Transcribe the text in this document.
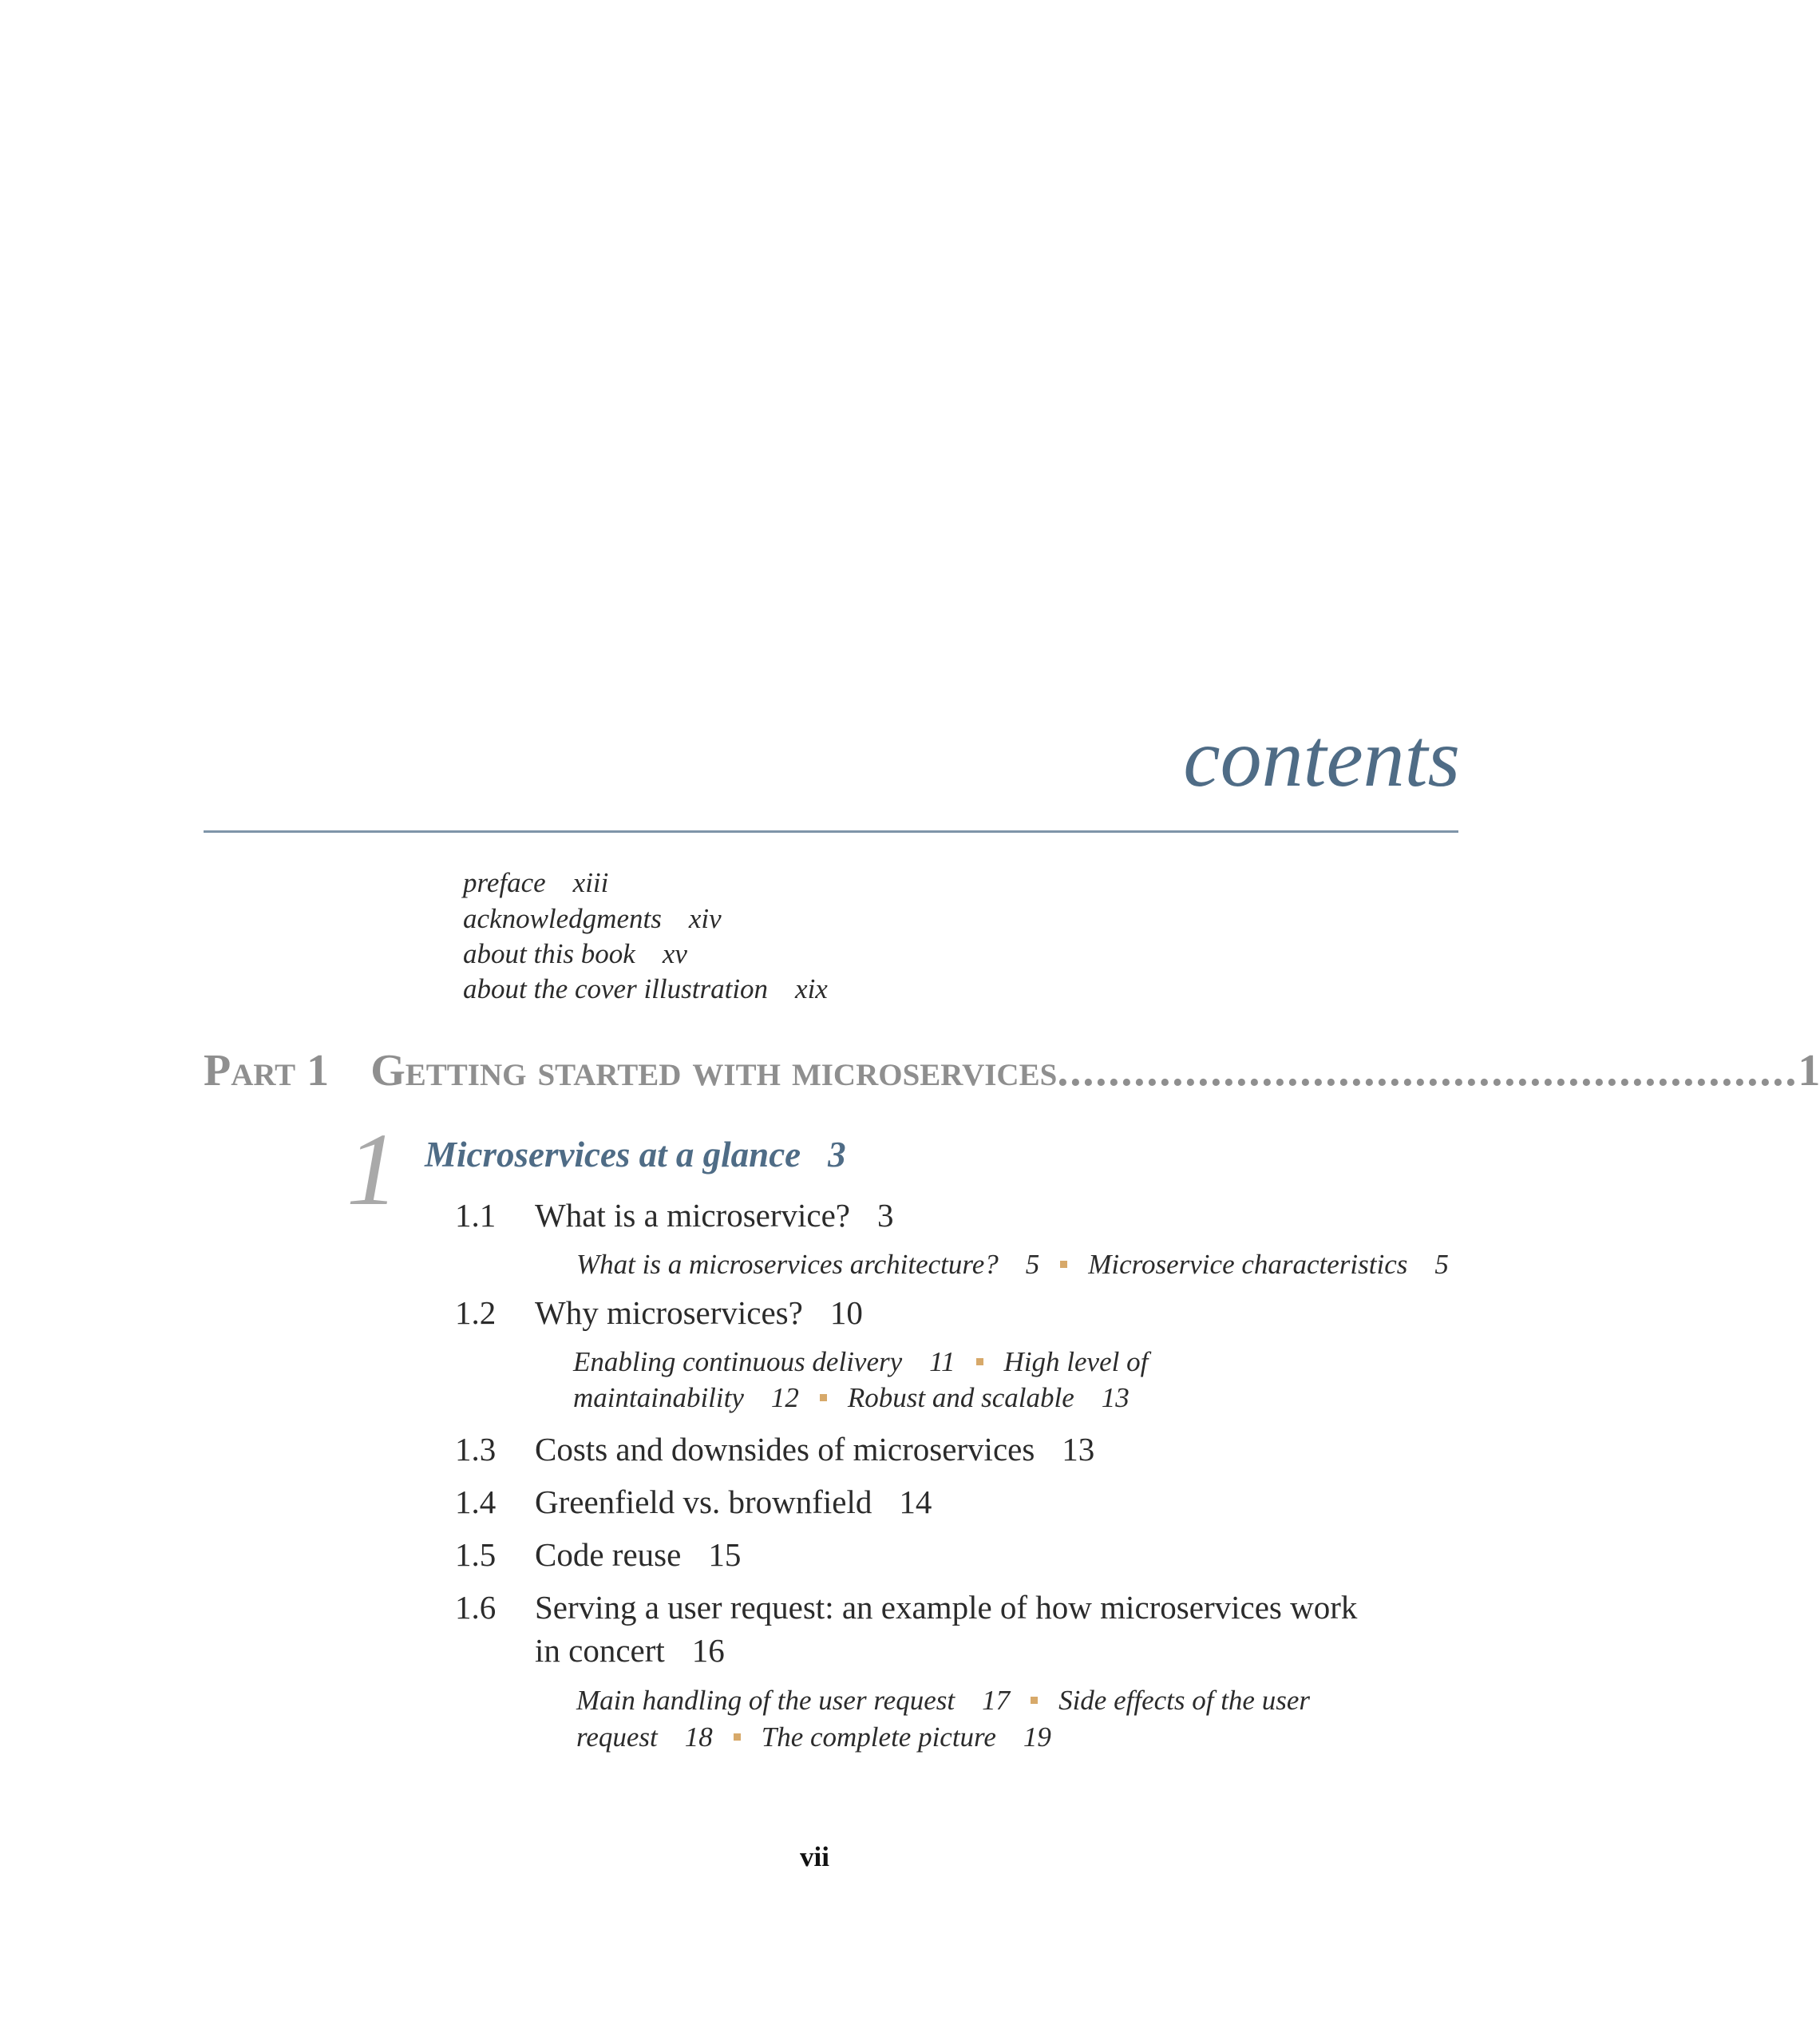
contents
preface xiii
acknowledgments xiv
about this book xv
about the cover illustration xix
Part 1 Getting started with microservices .......................................................... 1
1 Microservices at a glance 3
1.1 What is a microservice? 3
What is a microservices architecture? 5 Microservice characteristics 5
1.2 Why microservices? 10
Enabling continuous delivery 11 High level of
maintainability 12 Robust and scalable 13
1.3 Costs and downsides of microservices 13
1.4 Greenfield vs. brownfield 14
1.5 Code reuse 15
1.6 Serving a user request: an example of how microservices work
in concert 16
Main handling of the user request 17 Side effects of the user
request 18 The complete picture 19
vii
